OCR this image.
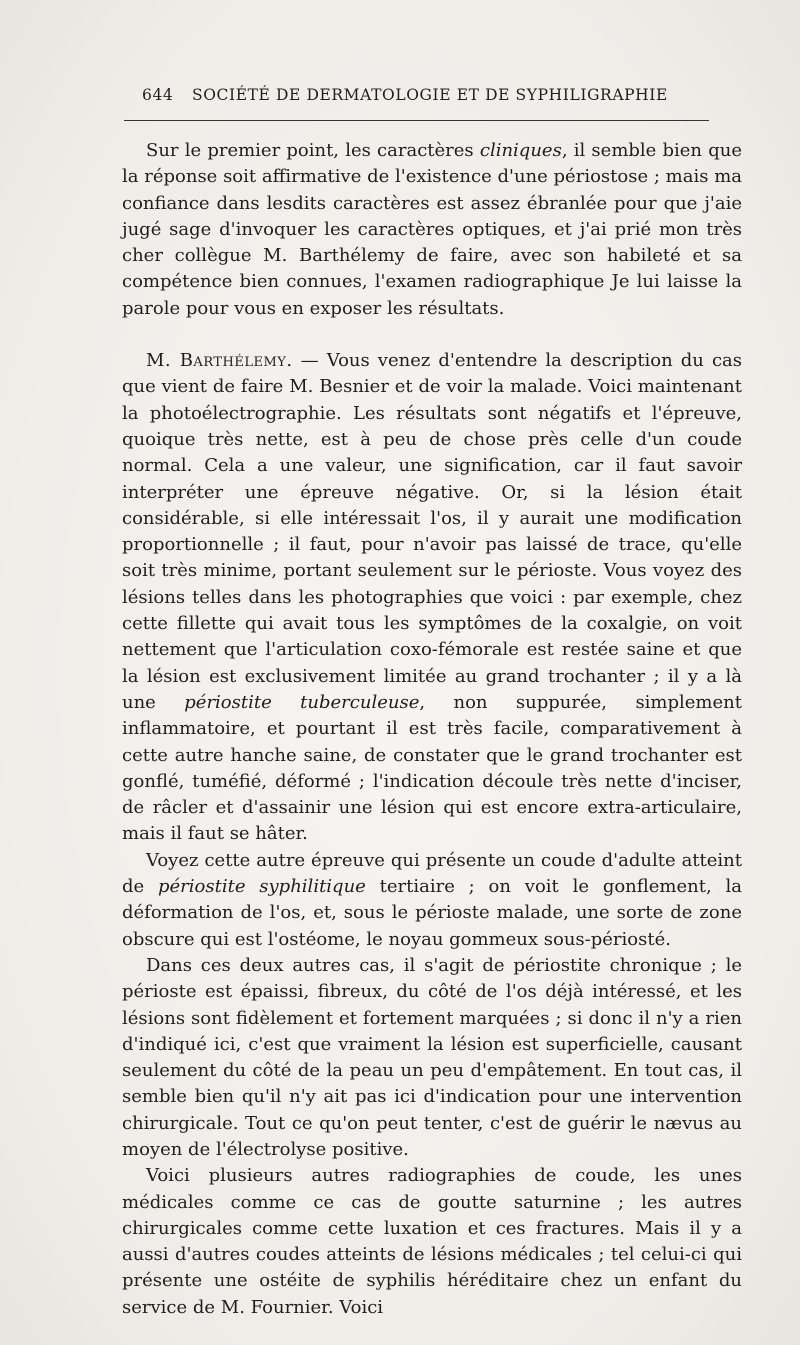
644 SOCIÉTÉ DE DERMATOLOGIE ET DE SYPHILIGRAPHIE

Sur le premier point, les caractères cliniques, il semble bien que la réponse soit affirmative de l'existence d'une périostose ; mais ma confiance dans lesdits caractères est assez ébranlée pour que j'aie jugé sage d'invoquer les caractères optiques, et j'ai prié mon très cher collègue M. Barthélemy de faire, avec son habileté et sa compétence bien connues, l'examen radiographique Je lui laisse la parole pour vous en exposer les résultats.

M. Barthélemy. — Vous venez d'entendre la description du cas que vient de faire M. Besnier et de voir la malade. Voici maintenant la photoélectrographie. Les résultats sont négatifs et l'épreuve, quoique très nette, est à peu de chose près celle d'un coude normal. Cela a une valeur, une signification, car il faut savoir interpréter une épreuve négative. Or, si la lésion était considérable, si elle intéressait l'os, il y aurait une modification proportionnelle ; il faut, pour n'avoir pas laissé de trace, qu'elle soit très minime, portant seulement sur le périoste. Vous voyez des lésions telles dans les photographies que voici : par exemple, chez cette fillette qui avait tous les symptômes de la coxalgie, on voit nettement que l'articulation coxo-fémorale est restée saine et que la lésion est exclusivement limitée au grand trochanter ; il y a là une périostite tuberculeuse, non suppurée, simplement inflammatoire, et pourtant il est très facile, comparativement à cette autre hanche saine, de constater que le grand trochanter est gonflé, tuméfié, déformé ; l'indication découle très nette d'inciser, de râcler et d'assainir une lésion qui est encore extra-articulaire, mais il faut se hâter.

Voyez cette autre épreuve qui présente un coude d'adulte atteint de périostite syphilitique tertiaire ; on voit le gonflement, la déformation de l'os, et, sous le périoste malade, une sorte de zone obscure qui est l'ostéome, le noyau gommeux sous-périosté.

Dans ces deux autres cas, il s'agit de périostite chronique ; le périoste est épaissi, fibreux, du côté de l'os déjà intéressé, et les lésions sont fidèlement et fortement marquées ; si donc il n'y a rien d'indiqué ici, c'est que vraiment la lésion est superficielle, causant seulement du côté de la peau un peu d'empâtement. En tout cas, il semble bien qu'il n'y ait pas ici d'indication pour une intervention chirurgicale. Tout ce qu'on peut tenter, c'est de guérir le nævus au moyen de l'électrolyse positive.

Voici plusieurs autres radiographies de coude, les unes médicales comme ce cas de goutte saturnine ; les autres chirurgicales comme cette luxation et ces fractures. Mais il y a aussi d'autres coudes atteints de lésions médicales ; tel celui-ci qui présente une ostéite de syphilis héréditaire chez un enfant du service de M. Fournier. Voici
